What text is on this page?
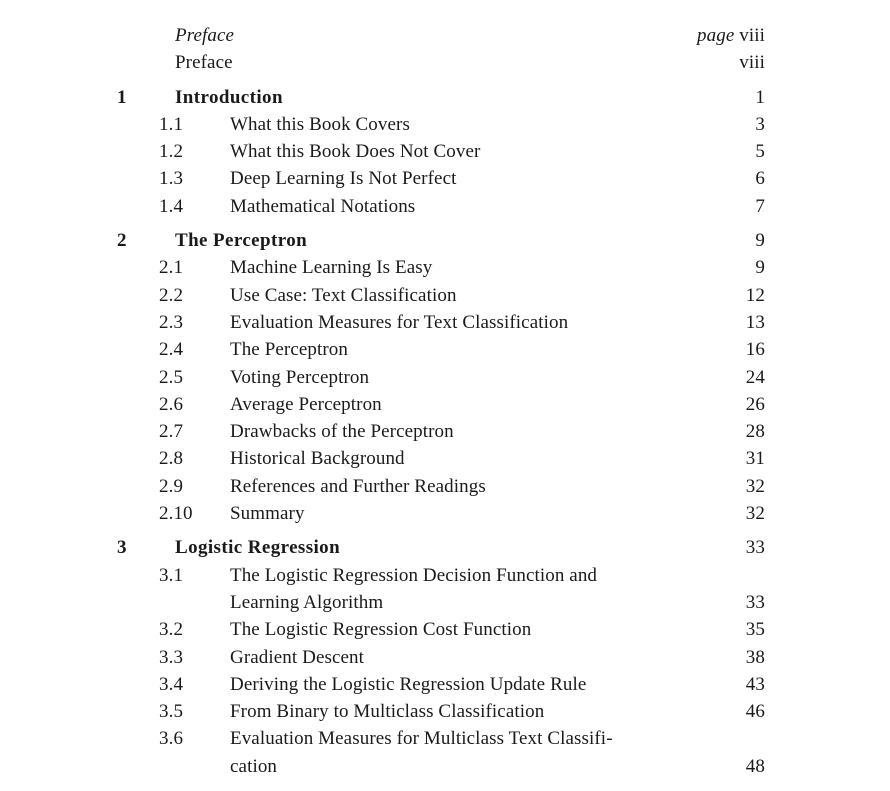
Preface	page viii
Preface	viii
1	Introduction	1
1.1	What this Book Covers	3
1.2	What this Book Does Not Cover	5
1.3	Deep Learning Is Not Perfect	6
1.4	Mathematical Notations	7
2	The Perceptron	9
2.1	Machine Learning Is Easy	9
2.2	Use Case: Text Classification	12
2.3	Evaluation Measures for Text Classification	13
2.4	The Perceptron	16
2.5	Voting Perceptron	24
2.6	Average Perceptron	26
2.7	Drawbacks of the Perceptron	28
2.8	Historical Background	31
2.9	References and Further Readings	32
2.10	Summary	32
3	Logistic Regression	33
3.1	The Logistic Regression Decision Function and
Learning Algorithm	33
3.2	The Logistic Regression Cost Function	35
3.3	Gradient Descent	38
3.4	Deriving the Logistic Regression Update Rule	43
3.5	From Binary to Multiclass Classification	46
3.6	Evaluation Measures for Multiclass Text Classifi-
cation	48
